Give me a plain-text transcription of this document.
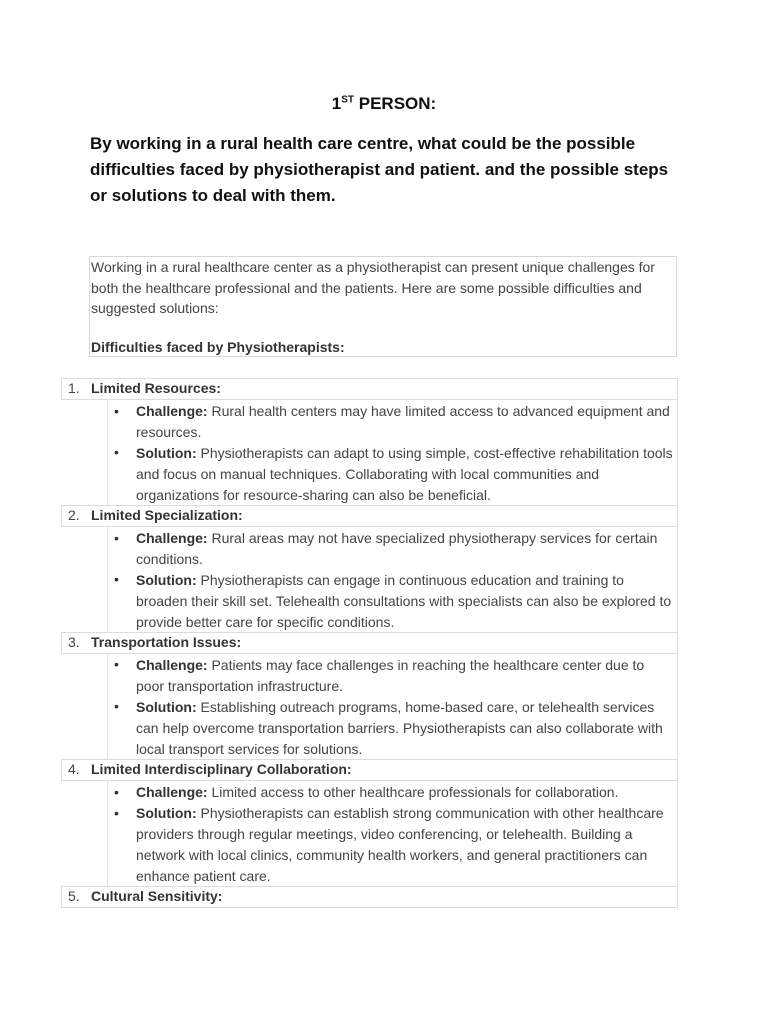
1ST PERSON:
By working in a rural health care centre, what could be the possible difficulties faced by physiotherapist and patient. and the possible steps or solutions to deal with them.
Working in a rural healthcare center as a physiotherapist can present unique challenges for both the healthcare professional and the patients. Here are some possible difficulties and suggested solutions:
Difficulties faced by Physiotherapists:
1. Limited Resources:
• Challenge: Rural health centers may have limited access to advanced equipment and resources.
• Solution: Physiotherapists can adapt to using simple, cost-effective rehabilitation tools and focus on manual techniques. Collaborating with local communities and organizations for resource-sharing can also be beneficial.
2. Limited Specialization:
• Challenge: Rural areas may not have specialized physiotherapy services for certain conditions.
• Solution: Physiotherapists can engage in continuous education and training to broaden their skill set. Telehealth consultations with specialists can also be explored to provide better care for specific conditions.
3. Transportation Issues:
• Challenge: Patients may face challenges in reaching the healthcare center due to poor transportation infrastructure.
• Solution: Establishing outreach programs, home-based care, or telehealth services can help overcome transportation barriers. Physiotherapists can also collaborate with local transport services for solutions.
4. Limited Interdisciplinary Collaboration:
• Challenge: Limited access to other healthcare professionals for collaboration.
• Solution: Physiotherapists can establish strong communication with other healthcare providers through regular meetings, video conferencing, or telehealth. Building a network with local clinics, community health workers, and general practitioners can enhance patient care.
5. Cultural Sensitivity:
